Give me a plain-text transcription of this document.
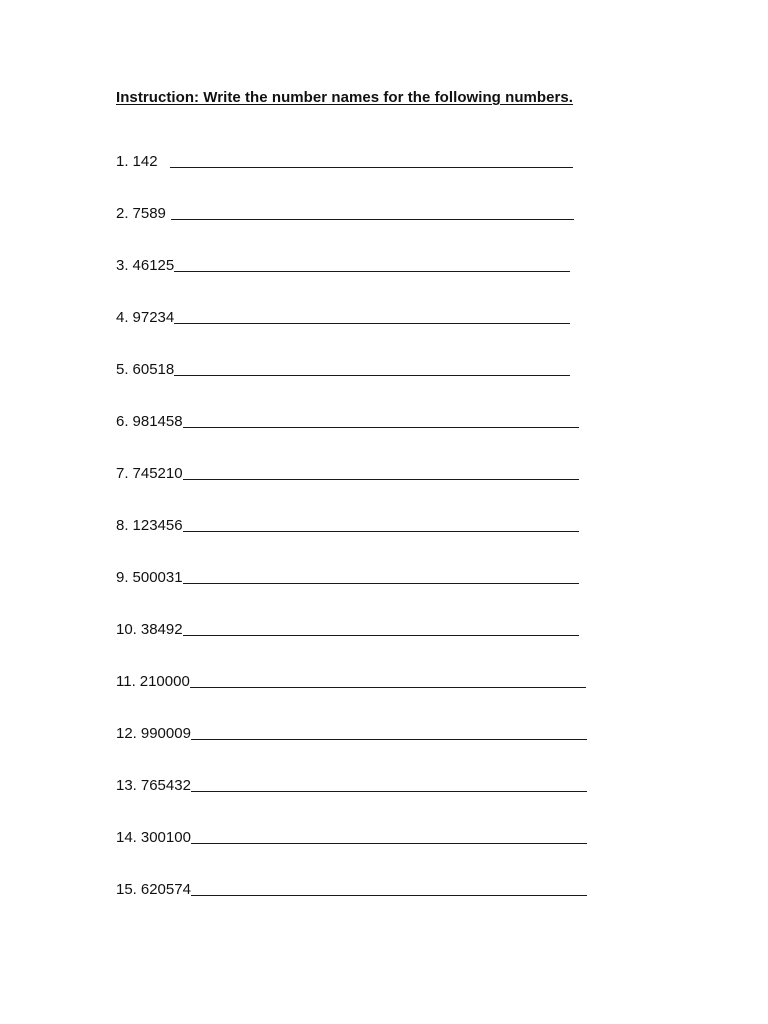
Instruction: Write the number names for the following numbers.
1. 142
2. 7589
3. 46125
4. 97234
5. 60518
6. 981458
7. 745210
8. 123456
9. 500031
10. 38492
11. 210000
12. 990009
13. 765432
14. 300100
15. 620574
